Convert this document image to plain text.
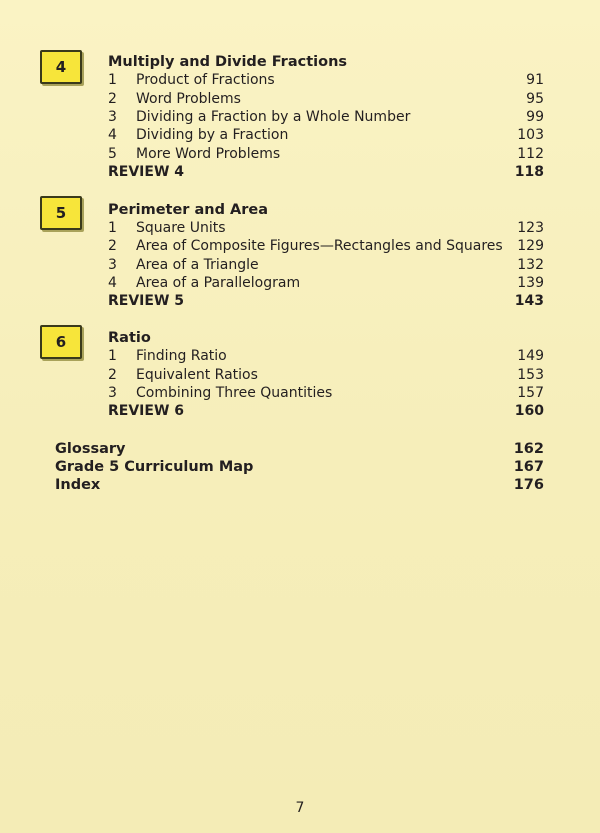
4	Multiply and Divide Fractions
1 Product of Fractions	91
2 Word Problems	95
3 Dividing a Fraction by a Whole Number	99
4 Dividing by a Fraction	103
5 More Word Problems	112
REVIEW 4	118
5	Perimeter and Area
1 Square Units	123
2 Area of Composite Figures—Rectangles and Squares 129
3 Area of a Triangle	132
4 Area of a Parallelogram	139
REVIEW 5	143
6	Ratio
1 Finding Ratio	149
2 Equivalent Ratios	153
3 Combining Three Quantities	157
REVIEW 6	160
Glossary	162
Grade 5 Curriculum Map	167
Index	176
7
